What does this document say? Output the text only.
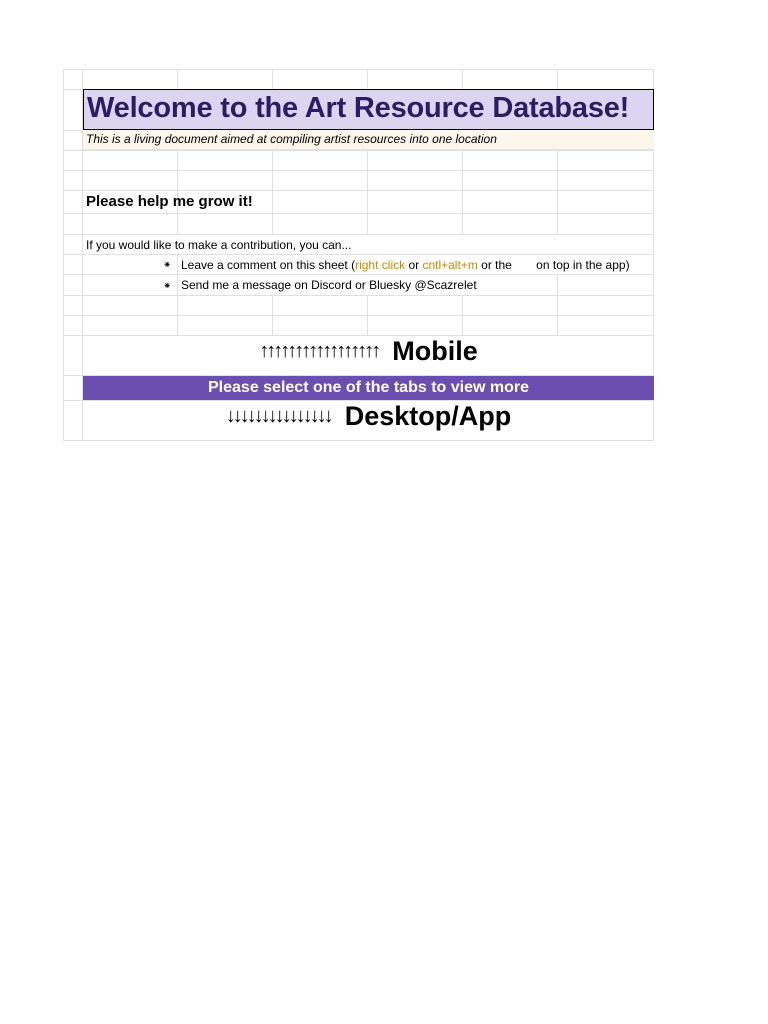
Welcome to the Art Resource Database!
This is a living document aimed at compiling artist resources into one location
Please help me grow it!
If you would like to make a contribution, you can...
⁕ Leave a comment on this sheet (right click or cntl+alt+m or the on top in the app)
⁕ Send me a message on Discord or Bluesky @Scazrelet
↑↑↑↑↑↑↑↑↑↑↑↑↑↑↑↑↑ Mobile
Please select one of the tabs to view more
↓↓↓↓↓↓↓↓↓↓↓↓↓↓↓ Desktop/App
